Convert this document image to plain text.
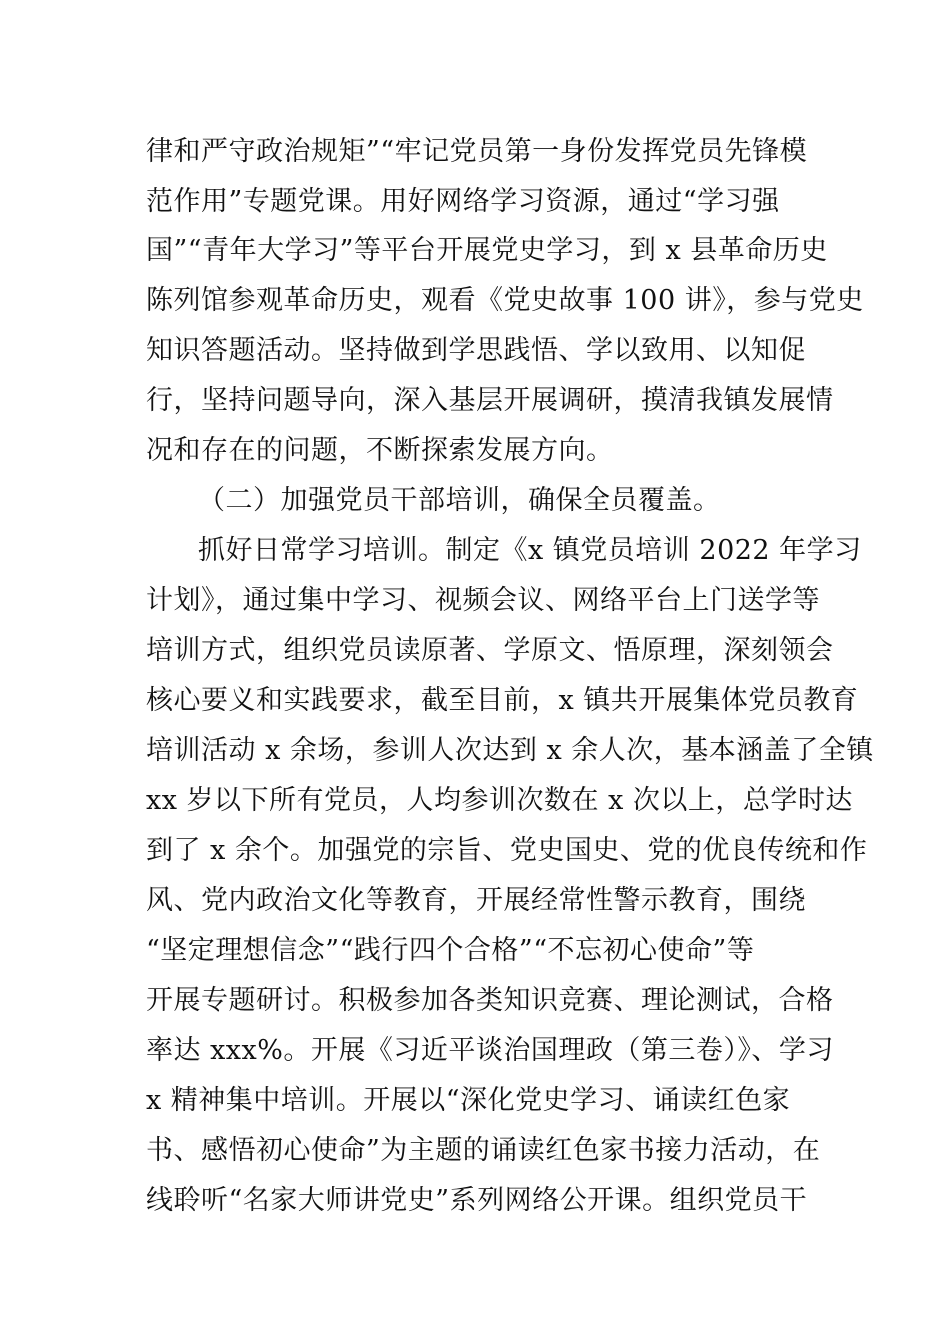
律和严守政治规矩”“牢记党员第一身份发挥党员先锋模
范作用”专题党课。用好网络学习资源，通过“学习强
国”“青年大学习”等平台开展党史学习，到 x 县革命历史
陈列馆参观革命历史，观看《党史故事 100 讲》，参与党史
知识答题活动。坚持做到学思践悟、学以致用、以知促
行，坚持问题导向，深入基层开展调研，摸清我镇发展情
况和存在的问题，不断探索发展方向。
（二）加强党员干部培训，确保全员覆盖。
抓好日常学习培训。制定《x 镇党员培训 2022 年学习
计划》，通过集中学习、视频会议、网络平台上门送学等
培训方式，组织党员读原著、学原文、悟原理，深刻领会
核心要义和实践要求，截至目前，x 镇共开展集体党员教育
培训活动 x 余场，参训人次达到 x 余人次，基本涵盖了全镇
xx 岁以下所有党员，人均参训次数在 x 次以上，总学时达
到了 x 余个。加强党的宗旨、党史国史、党的优良传统和作
风、党内政治文化等教育，开展经常性警示教育，围绕
“坚定理想信念”“践行四个合格”“不忘初心使命”等
开展专题研讨。积极参加各类知识竞赛、理论测试，合格
率达 xxx%。开展《习近平谈治国理政（第三卷）》、学习
x 精神集中培训。开展以“深化党史学习、诵读红色家
书、感悟初心使命”为主题的诵读红色家书接力活动，在
线聆听“名家大师讲党史”系列网络公开课。组织党员干
